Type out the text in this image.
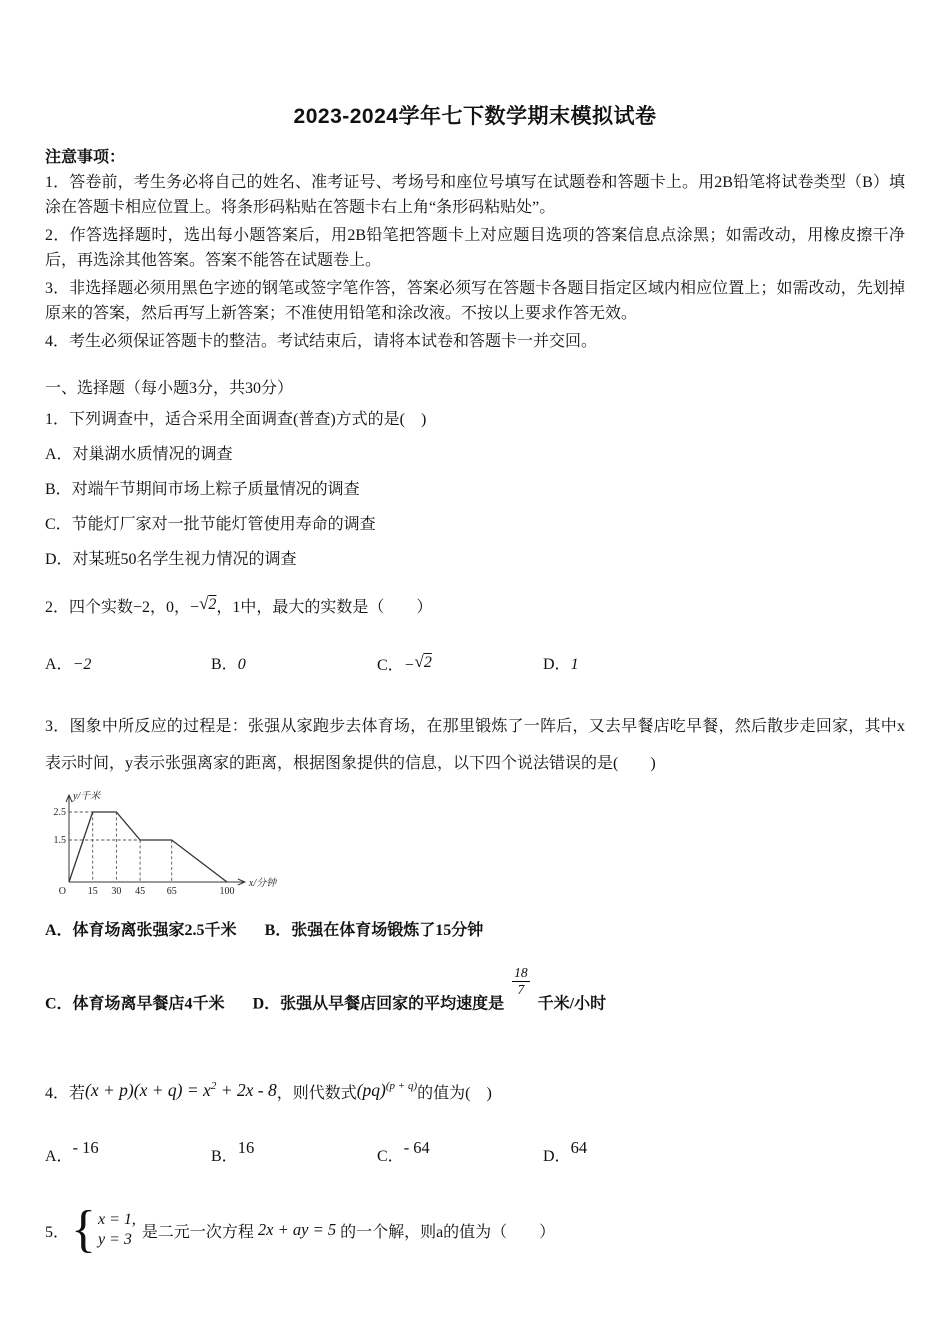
2023-2024学年七下数学期末模拟试卷

注意事项：

1．答卷前，考生务必将自己的姓名、准考证号、考场号和座位号填写在试题卷和答题卡上。用2B铅笔将试卷类型（B）填涂在答题卡相应位置上。将条形码粘贴在答题卡右上角“条形码粘贴处”。

2．作答选择题时，选出每小题答案后，用2B铅笔把答题卡上对应题目选项的答案信息点涂黑；如需改动，用橡皮擦干净后，再选涂其他答案。答案不能答在试题卷上。

3．非选择题必须用黑色字迹的钢笔或签字笔作答，答案必须写在答题卡各题目指定区域内相应位置上；如需改动，先划掉原来的答案，然后再写上新答案；不准使用铅笔和涂改液。不按以上要求作答无效。

4．考生必须保证答题卡的整洁。考试结束后，请将本试卷和答题卡一并交回。

一、选择题（每小题3分，共30分）

1．下列调查中，适合采用全面调查(普查)方式的是(　)

A．对巢湖水质情况的调查

B．对端午节期间市场上粽子质量情况的调查

C．节能灯厂家对一批节能灯管使用寿命的调查

D．对某班50名学生视力情况的调查

2．四个实数−2，0，−√2，1中，最大的实数是（　　）

A．−2	B．0	C．−√2	D．1

3．图象中所反应的过程是：张强从家跑步去体育场，在那里锻炼了一阵后，又去早餐店吃早餐，然后散步走回家，其中x表示时间，y表示张强离家的距离，根据图象提供的信息，以下四个说法错误的是(　　)

15 30 45 65	100
1.5
2.5
O
y/千米
x/分钟

A．体育场离张强家2.5千米 B．张强在体育场锻炼了15分钟

C．体育场离早餐店4千米 D．张强从早餐店回家的平均速度是
$\frac{18}{7}$
千米/小时

4．若$(x + p)(x + q) = x^2 + 2x - 8$，则代数式(pq)$^{(p + q)}$的值为(　)

A．- 16	B．16	C．- 64	D．64
5． { x = 1,
y = 3 是二元一次方程 2x + ay = 5 的一个解，则a的值为（　　）
